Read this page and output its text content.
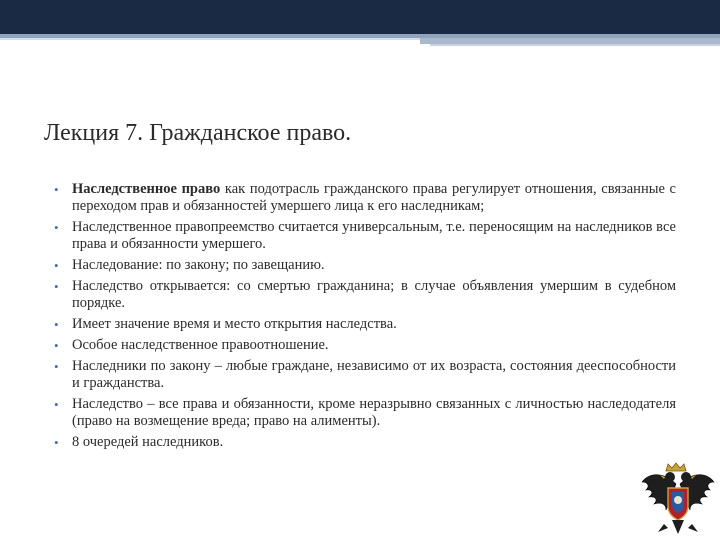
Лекция 7. Гражданское право.
• Наследственное право как подотрасль гражданского права регулирует отношения, связанные с переходом прав и обязанностей умершего лица к его наследникам;
• Наследственное правопреемство считается универсальным, т.е. переносящим на наследников все права и обязанности умершего.
• Наследование: по закону; по завещанию.
• Наследство открывается: со смертью гражданина; в случае объявления умершим в судебном порядке.
• Имеет значение время и место открытия наследства.
• Особое наследственное правоотношение.
• Наследники по закону – любые граждане, независимо от их возраста, состояния дееспособности и гражданства.
• Наследство – все права и обязанности, кроме неразрывно связанных с личностью наследодателя (право на возмещение вреда; право на алименты).
• 8 очередей наследников.
